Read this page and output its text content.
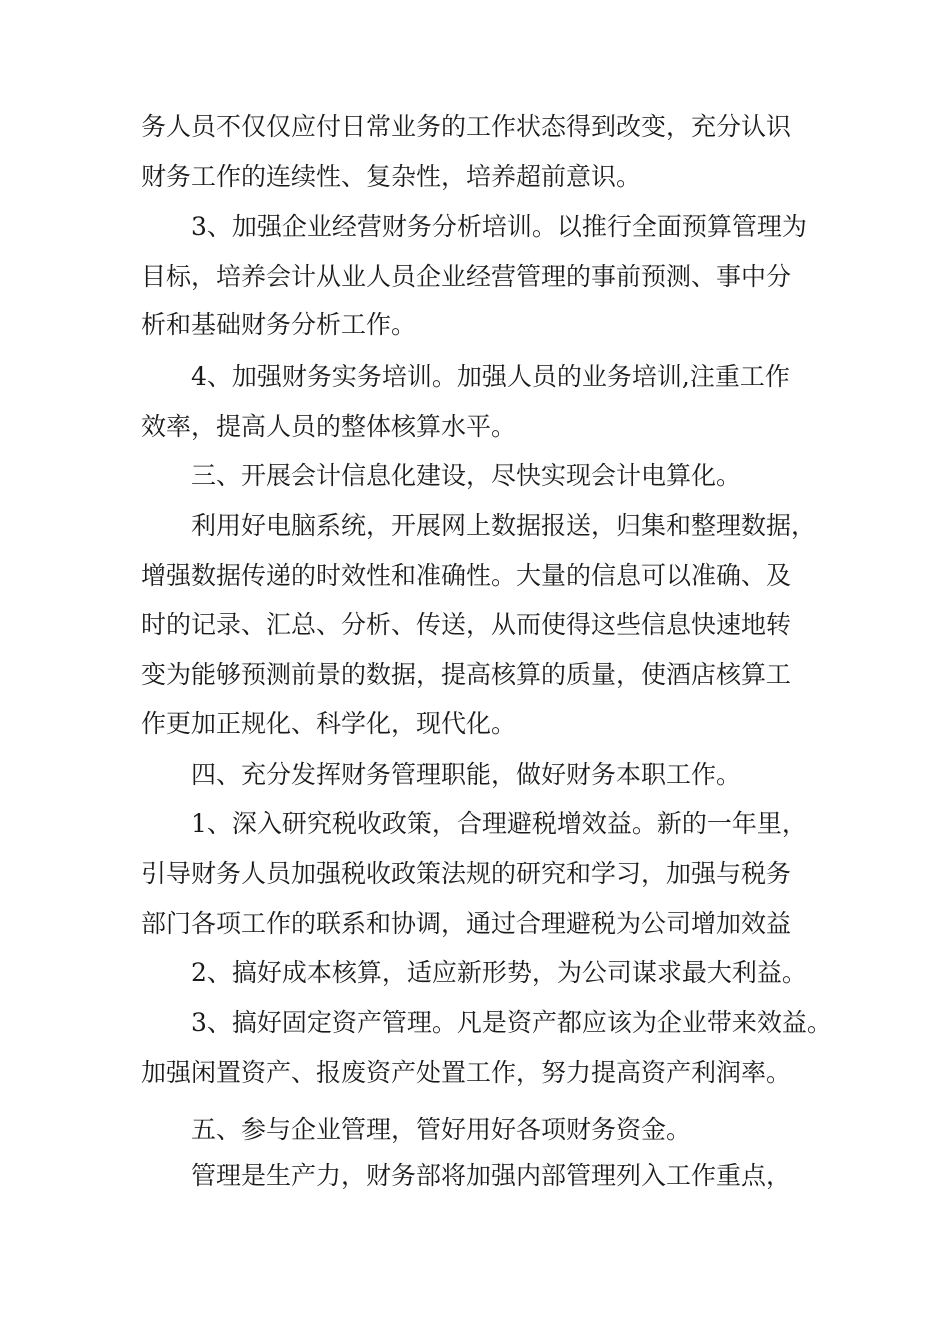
务人员不仅仅应付日常业务的工作状态得到改变，充分认识
财务工作的连续性、复杂性，培养超前意识。
3、加强企业经营财务分析培训。以推行全面预算管理为
目标，培养会计从业人员企业经营管理的事前预测、事中分
析和基础财务分析工作。
4、加强财务实务培训。加强人员的业务培训,注重工作
效率，提高人员的整体核算水平。
三、开展会计信息化建设，尽快实现会计电算化。
利用好电脑系统，开展网上数据报送，归集和整理数据，
增强数据传递的时效性和准确性。大量的信息可以准确、及
时的记录、汇总、分析、传送，从而使得这些信息快速地转
变为能够预测前景的数据，提高核算的质量，使酒店核算工
作更加正规化、科学化，现代化。
四、充分发挥财务管理职能，做好财务本职工作。
1、深入研究税收政策，合理避税增效益。新的一年里，
引导财务人员加强税收政策法规的研究和学习，加强与税务
部门各项工作的联系和协调，通过合理避税为公司增加效益
2、搞好成本核算，适应新形势，为公司谋求最大利益。
3、搞好固定资产管理。凡是资产都应该为企业带来效益。
加强闲置资产、报废资产处置工作，努力提高资产利润率。
五、参与企业管理，管好用好各项财务资金。
管理是生产力，财务部将加强内部管理列入工作重点，
